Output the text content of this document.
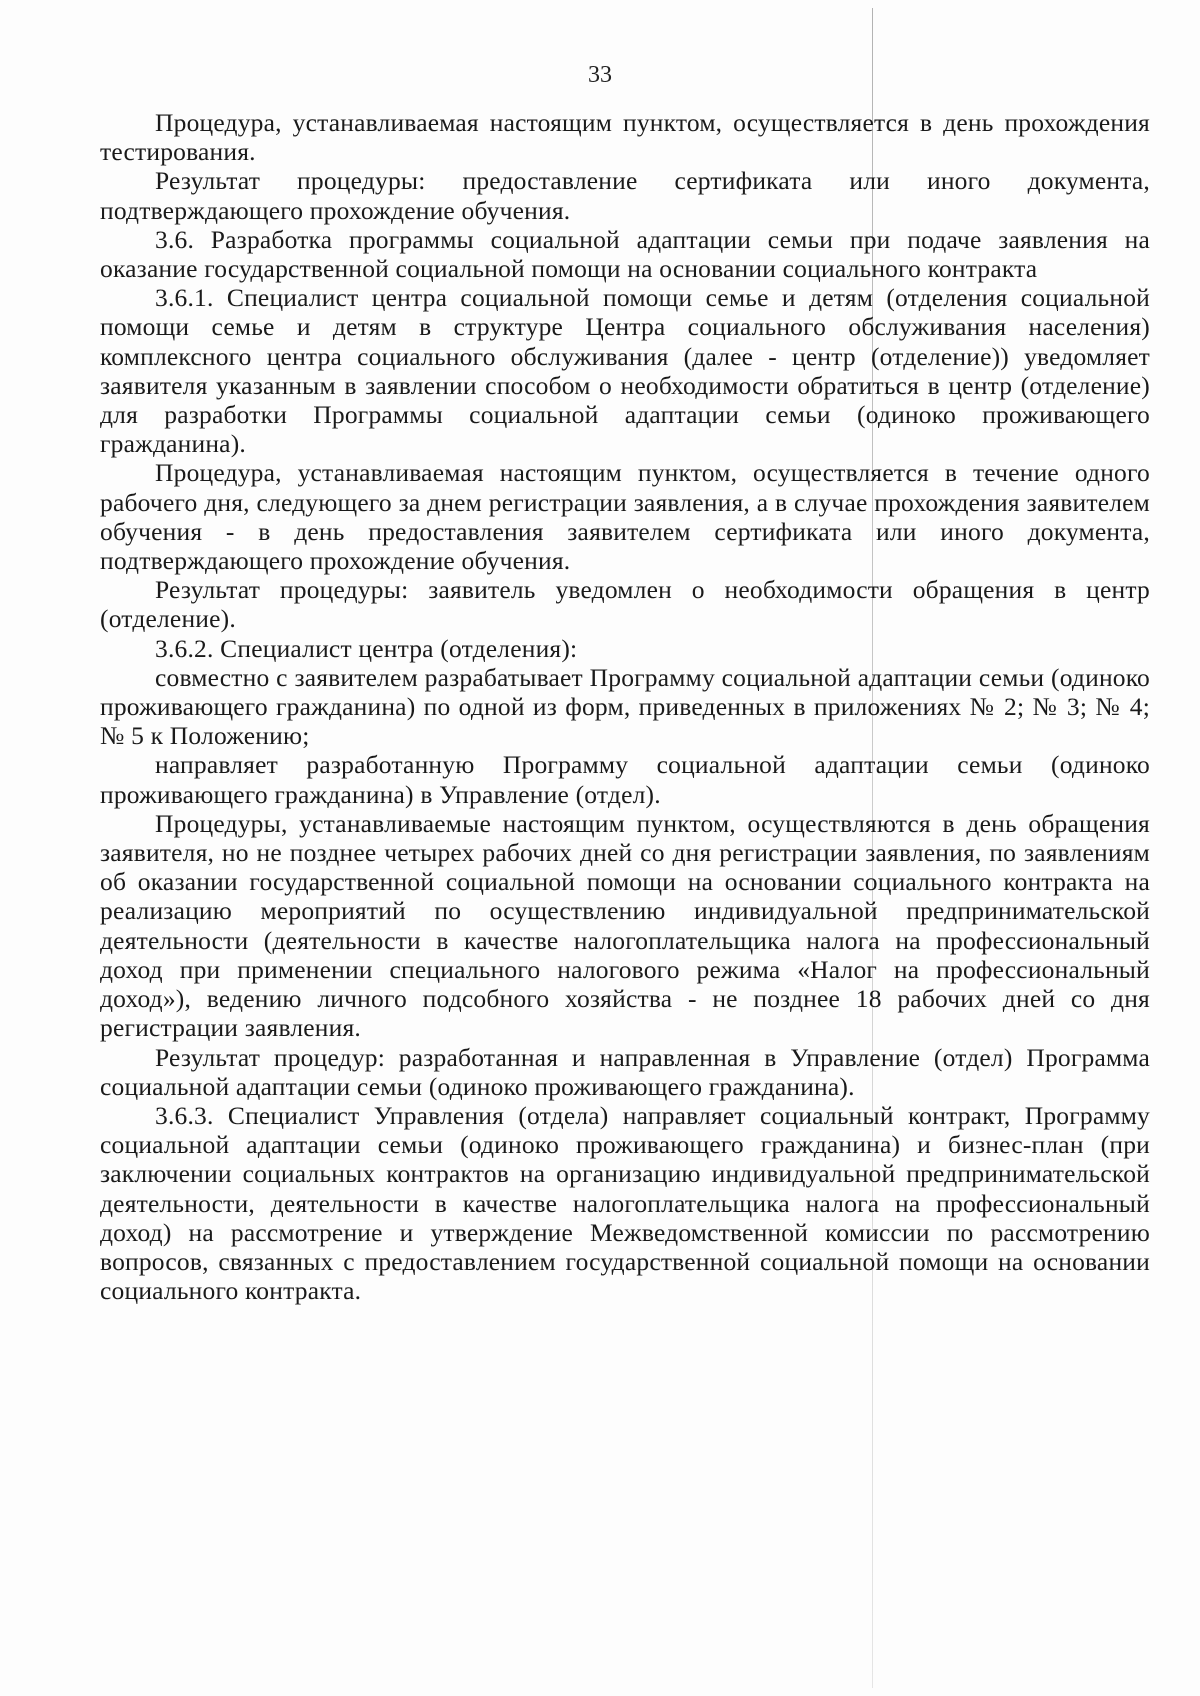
33

Процедура, устанавливаемая настоящим пунктом, осуществляется в день прохождения тестирования.

Результат процедуры: предоставление сертификата или иного документа, подтверждающего прохождение обучения.

3.6. Разработка программы социальной адаптации семьи при подаче заявления на оказание государственной социальной помощи на основании социального контракта

3.6.1. Специалист центра социальной помощи семье и детям (отделения социальной помощи семье и детям в структуре Центра социального обслуживания населения) комплексного центра социального обслуживания (далее - центр (отделение)) уведомляет заявителя указанным в заявлении способом о необходимости обратиться в центр (отделение) для разработки Программы социальной адаптации семьи (одиноко проживающего гражданина).

Процедура, устанавливаемая настоящим пунктом, осуществляется в течение одного рабочего дня, следующего за днем регистрации заявления, а в случае прохождения заявителем обучения - в день предоставления заявителем сертификата или иного документа, подтверждающего прохождение обучения.

Результат процедуры: заявитель уведомлен о необходимости обращения в центр (отделение).

3.6.2. Специалист центра (отделения):

совместно с заявителем разрабатывает Программу социальной адаптации семьи (одиноко проживающего гражданина) по одной из форм, приведенных в приложениях № 2; № 3; № 4; № 5 к Положению;

направляет разработанную Программу социальной адаптации семьи (одиноко проживающего гражданина) в Управление (отдел).

Процедуры, устанавливаемые настоящим пунктом, осуществляются в день обращения заявителя, но не позднее четырех рабочих дней со дня регистрации заявления, по заявлениям об оказании государственной социальной помощи на основании социального контракта на реализацию мероприятий по осуществлению индивидуальной предпринимательской деятельности (деятельности в качестве налогоплательщика налога на профессиональный доход при применении специального налогового режима «Налог на профессиональный доход»), ведению личного подсобного хозяйства - не позднее 18 рабочих дней со дня регистрации заявления.

Результат процедур: разработанная и направленная в Управление (отдел) Программа социальной адаптации семьи (одиноко проживающего гражданина).

3.6.3. Специалист Управления (отдела) направляет социальный контракт, Программу социальной адаптации семьи (одиноко проживающего гражданина) и бизнес-план (при заключении социальных контрактов на организацию индивидуальной предпринимательской деятельности, деятельности в качестве налогоплательщика налога на профессиональный доход) на рассмотрение и утверждение Межведомственной комиссии по рассмотрению вопросов, связанных с предоставлением государственной социальной помощи на основании социального контракта.
